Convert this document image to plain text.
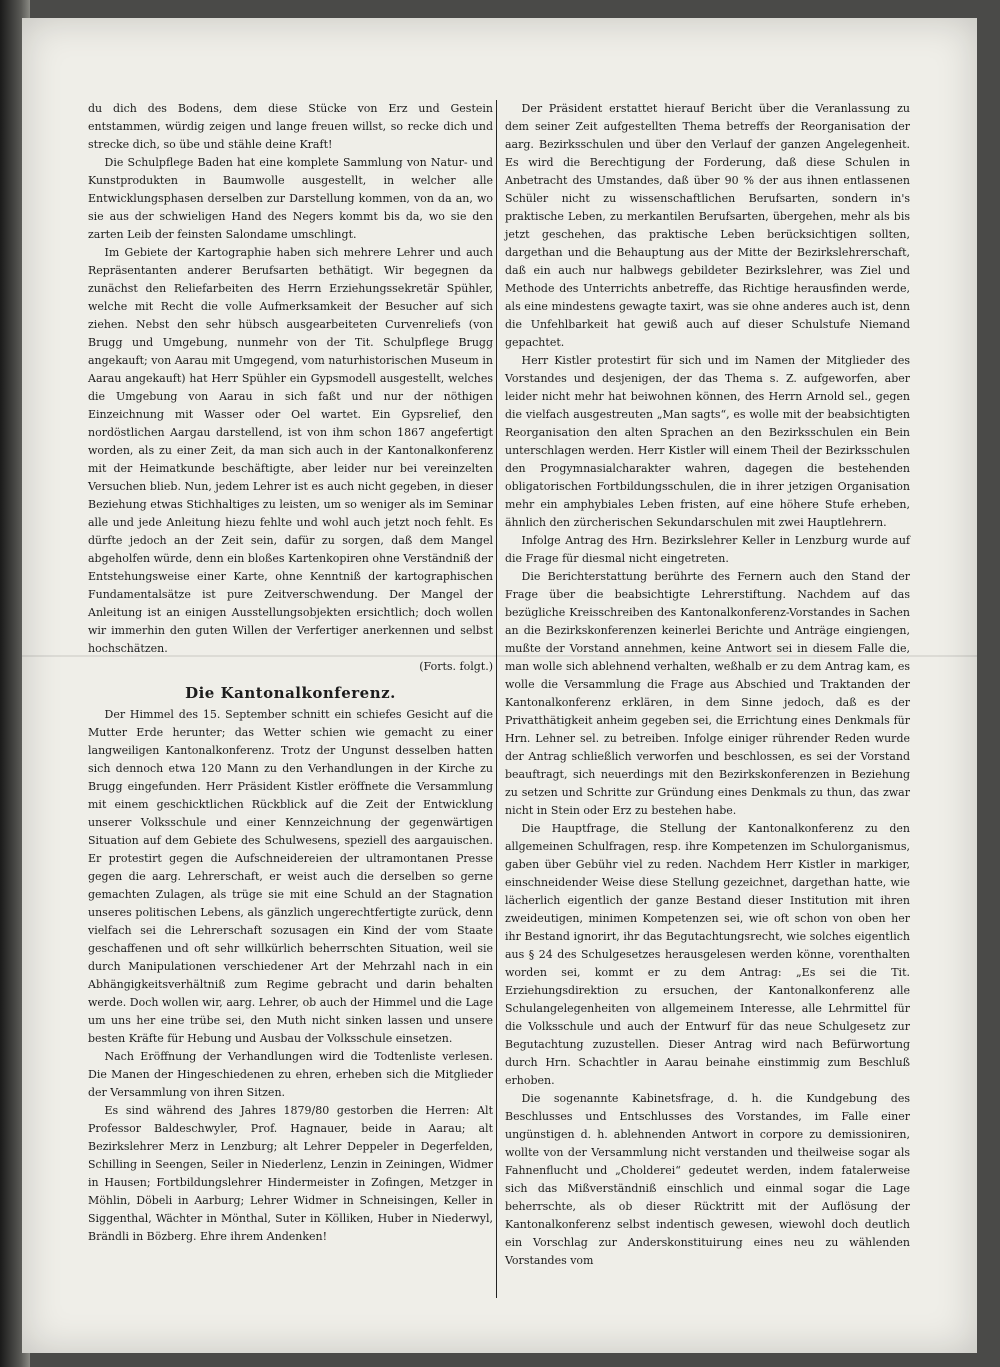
du dich des Bodens, dem diese Stücke von Erz und Gestein entstammen, würdig zeigen und lange freuen willst, so recke dich und strecke dich, so übe und stähle deine Kraft!

Die Schulpflege Baden hat eine komplete Sammlung von Natur- und Kunstprodukten in Baumwolle ausgestellt, in welcher alle Entwicklungsphasen derselben zur Darstellung kommen, von da an, wo sie aus der schwieligen Hand des Negers kommt bis da, wo sie den zarten Leib der feinsten Salondame umschlingt.

Im Gebiete der Kartographie haben sich mehrere Lehrer und auch Repräsentanten anderer Berufsarten bethätigt. Wir begegnen da zunächst den Reliefarbeiten des Herrn Erziehungssekretär Spühler, welche mit Recht die volle Aufmerksamkeit der Besucher auf sich ziehen. Nebst den sehr hübsch ausgearbeiteten Curvenreliefs (von Brugg und Umgebung, nunmehr von der Tit. Schulpflege Brugg angekauft; von Aarau mit Umgegend, vom naturhistorischen Museum in Aarau angekauft) hat Herr Spühler ein Gypsmodell ausgestellt, welches die Umgebung von Aarau in sich faßt und nur der nöthigen Einzeichnung mit Wasser oder Oel wartet. Ein Gypsrelief, den nordöstlichen Aargau darstellend, ist von ihm schon 1867 angefertigt worden, als zu einer Zeit, da man sich auch in der Kantonalkonferenz mit der Heimatkunde beschäftigte, aber leider nur bei vereinzelten Versuchen blieb. Nun, jedem Lehrer ist es auch nicht gegeben, in dieser Beziehung etwas Stichhaltiges zu leisten, um so weniger als im Seminar alle und jede Anleitung hiezu fehlte und wohl auch jetzt noch fehlt. Es dürfte jedoch an der Zeit sein, dafür zu sorgen, daß dem Mangel abgeholfen würde, denn ein bloßes Kartenkopiren ohne Verständniß der Entstehungsweise einer Karte, ohne Kenntniß der kartographischen Fundamentalsätze ist pure Zeitverschwendung. Der Mangel der Anleitung ist an einigen Ausstellungsobjekten ersichtlich; doch wollen wir immerhin den guten Willen der Verfertiger anerkennen und selbst hochschätzen.

(Forts. folgt.)
Die Kantonalkonferenz.

Der Himmel des 15. September schnitt ein schiefes Gesicht auf die Mutter Erde herunter; das Wetter schien wie gemacht zu einer langweiligen Kantonalkonferenz. Trotz der Ungunst desselben hatten sich dennoch etwa 120 Mann zu den Verhandlungen in der Kirche zu Brugg eingefunden. Herr Präsident Kistler eröffnete die Versammlung mit einem geschicktlichen Rückblick auf die Zeit der Entwicklung unserer Volksschule und einer Kennzeichnung der gegenwärtigen Situation auf dem Gebiete des Schulwesens, speziell des aargauischen. Er protestirt gegen die Aufschneidereien der ultramontanen Presse gegen die aarg. Lehrerschaft, er weist auch die derselben so gerne gemachten Zulagen, als trüge sie mit eine Schuld an der Stagnation unseres politischen Lebens, als gänzlich ungerechtfertigte zurück, denn vielfach sei die Lehrerschaft sozusagen ein Kind der vom Staate geschaffenen und oft sehr willkürlich beherrschten Situation, weil sie durch Manipulationen verschiedener Art der Mehrzahl nach in ein Abhängigkeitsverhältniß zum Regime gebracht und darin behalten werde. Doch wollen wir, aarg. Lehrer, ob auch der Himmel und die Lage um uns her eine trübe sei, den Muth nicht sinken lassen und unsere besten Kräfte für Hebung und Ausbau der Volksschule einsetzen.

Nach Eröffnung der Verhandlungen wird die Todtenliste verlesen. Die Manen der Hingeschiedenen zu ehren, erheben sich die Mitglieder der Versammlung von ihren Sitzen.

Es sind während des Jahres 1879/80 gestorben die Herren: Alt Professor Baldeschwyler, Prof. Hagnauer, beide in Aarau; alt Bezirkslehrer Merz in Lenzburg; alt Lehrer Deppeler in Degerfelden, Schilling in Seengen, Seiler in Niederlenz, Lenzin in Zeiningen, Widmer in Hausen; Fortbildungslehrer Hindermeister in Zofingen, Metzger in Möhlin, Döbeli in Aarburg; Lehrer Widmer in Schneisingen, Keller in Siggenthal, Wächter in Mönthal, Suter in Kölliken, Huber in Niederwyl, Brändli in Bözberg. Ehre ihrem Andenken!

Der Präsident erstattet hierauf Bericht über die Veranlassung zu dem seiner Zeit aufgestellten Thema betreffs der Reorganisation der aarg. Bezirksschulen und über den Verlauf der ganzen Angelegenheit. Es wird die Berechtigung der Forderung, daß diese Schulen in Anbetracht des Umstandes, daß über 90 % der aus ihnen entlassenen Schüler nicht zu wissenschaftlichen Berufsarten, sondern in's praktische Leben, zu merkantilen Berufsarten, übergehen, mehr als bis jetzt geschehen, das praktische Leben berücksichtigen sollten, dargethan und die Behauptung aus der Mitte der Bezirkslehrerschaft, daß ein auch nur halbwegs gebildeter Bezirkslehrer, was Ziel und Methode des Unterrichts anbetreffe, das Richtige herausfinden werde, als eine mindestens gewagte taxirt, was sie ohne anderes auch ist, denn die Unfehlbarkeit hat gewiß auch auf dieser Schulstufe Niemand gepachtet.

Herr Kistler protestirt für sich und im Namen der Mitglieder des Vorstandes und desjenigen, der das Thema s. Z. aufgeworfen, aber leider nicht mehr hat beiwohnen können, des Herrn Arnold sel., gegen die vielfach ausgestreuten „Man sagts“, es wolle mit der beabsichtigten Reorganisation den alten Sprachen an den Bezirksschulen ein Bein unterschlagen werden. Herr Kistler will einem Theil der Bezirksschulen den Progymnasialcharakter wahren, dagegen die bestehenden obligatorischen Fortbildungsschulen, die in ihrer jetzigen Organisation mehr ein amphybiales Leben fristen, auf eine höhere Stufe erheben, ähnlich den zürcherischen Sekundarschulen mit zwei Hauptlehrern.

Infolge Antrag des Hrn. Bezirkslehrer Keller in Lenzburg wurde auf die Frage für diesmal nicht eingetreten.

Die Berichterstattung berührte des Fernern auch den Stand der Frage über die beabsichtigte Lehrerstiftung. Nachdem auf das bezügliche Kreisschreiben des Kantonalkonferenz-Vorstandes in Sachen an die Bezirkskonferenzen keinerlei Berichte und Anträge eingiengen, mußte der Vorstand annehmen, keine Antwort sei in diesem Falle die, man wolle sich ablehnend verhalten, weßhalb er zu dem Antrag kam, es wolle die Versammlung die Frage aus Abschied und Traktanden der Kantonalkonferenz erklären, in dem Sinne jedoch, daß es der Privatthätigkeit anheim gegeben sei, die Errichtung eines Denkmals für Hrn. Lehner sel. zu betreiben. Infolge einiger rührender Reden wurde der Antrag schließlich verworfen und beschlossen, es sei der Vorstand beauftragt, sich neuerdings mit den Bezirkskonferenzen in Beziehung zu setzen und Schritte zur Gründung eines Denkmals zu thun, das zwar nicht in Stein oder Erz zu bestehen habe.

Die Hauptfrage, die Stellung der Kantonalkonferenz zu den allgemeinen Schulfragen, resp. ihre Kompetenzen im Schulorganismus, gaben über Gebühr viel zu reden. Nachdem Herr Kistler in markiger, einschneidender Weise diese Stellung gezeichnet, dargethan hatte, wie lächerlich eigentlich der ganze Bestand dieser Institution mit ihren zweideutigen, minimen Kompetenzen sei, wie oft schon von oben her ihr Bestand ignorirt, ihr das Begutachtungsrecht, wie solches eigentlich aus § 24 des Schulgesetzes herausgelesen werden könne, vorenthalten worden sei, kommt er zu dem Antrag: „Es sei die Tit. Erziehungsdirektion zu ersuchen, der Kantonalkonferenz alle Schulangelegenheiten von allgemeinem Interesse, alle Lehrmittel für die Volksschule und auch der Entwurf für das neue Schulgesetz zur Begutachtung zuzustellen. Dieser Antrag wird nach Befürwortung durch Hrn. Schachtler in Aarau beinahe einstimmig zum Beschluß erhoben.

Die sogenannte Kabinetsfrage, d. h. die Kundgebung des Beschlusses und Entschlusses des Vorstandes, im Falle einer ungünstigen d. h. ablehnenden Antwort in corpore zu demissioniren, wollte von der Versammlung nicht verstanden und theilweise sogar als Fahnenflucht und „Cholderei“ gedeutet werden, indem fatalerweise sich das Mißverständniß einschlich und einmal sogar die Lage beherrschte, als ob dieser Rücktritt mit der Auflösung der Kantonalkonferenz selbst indentisch gewesen, wiewohl doch deutlich ein Vorschlag zur Anderskonstituirung eines neu zu wählenden Vorstandes vom
